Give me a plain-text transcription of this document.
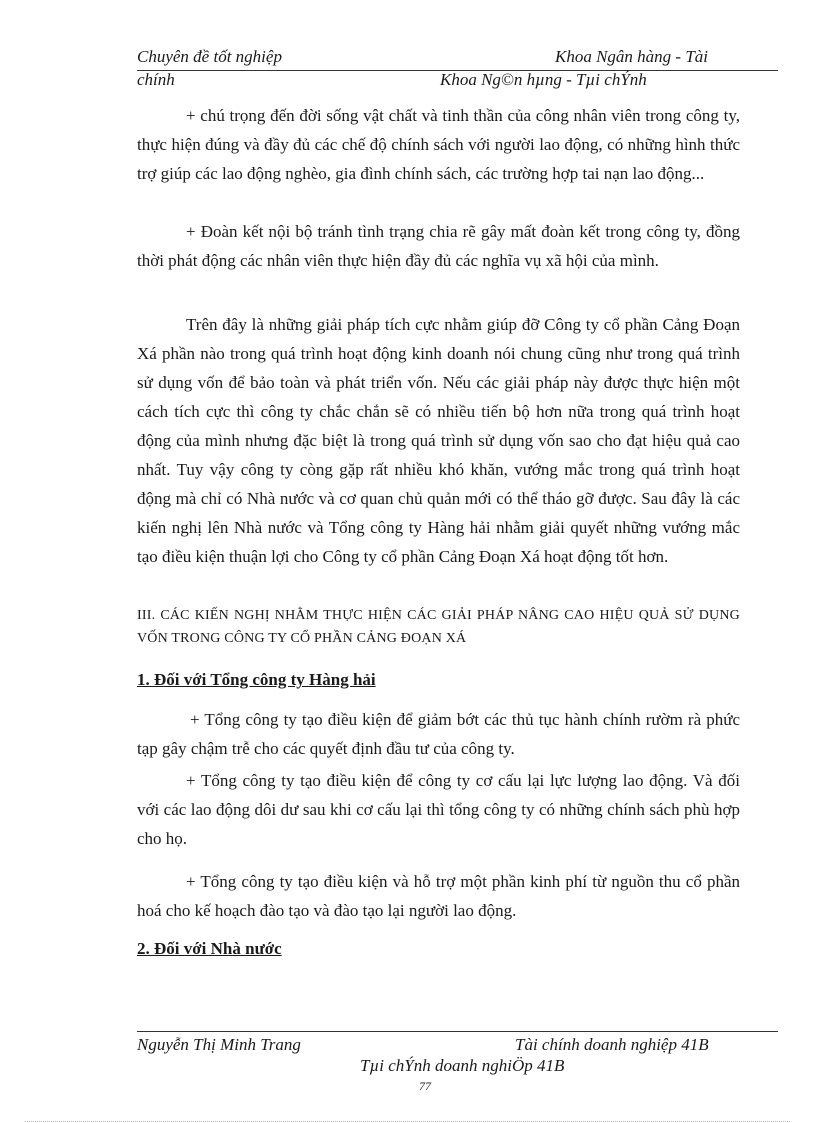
Chuyên đề tốt nghiệp	Khoa Ngân hàng - Tài
chính	Khoa Ng©n hµng - Tµi chÝnh
+ chú trọng đến đời sống vật chất và tinh thần của công nhân viên trong công ty, thực hiện đúng và đầy đủ các chế độ chính sách với người lao động, có những hình thức trợ giúp các lao động nghèo, gia đình chính sách, các trường hợp tai nạn lao động...
+ Đoàn kết nội bộ tránh tình trạng chia rẽ gây mất đoàn kết trong công ty, đồng thời phát động các nhân viên thực hiện đầy đủ các nghĩa vụ xã hội của mình.
Trên đây là những giải pháp tích cực nhằm giúp đỡ Công ty cổ phần Cảng Đoạn Xá phần nào trong quá trình hoạt động kinh doanh nói chung cũng như trong quá trình sử dụng vốn để bảo toàn và phát triển vốn. Nếu các giải pháp này được thực hiện một cách tích cực thì công ty chắc chắn sẽ có nhiều tiến bộ hơn nữa trong quá trình hoạt động của mình nhưng đặc biệt là trong quá trình sử dụng vốn sao cho đạt hiệu quả cao nhất. Tuy vậy công ty còng gặp rất nhiều khó khăn, vướng mắc trong quá trình hoạt động mà chỉ có Nhà nước và cơ quan chủ quản mới có thể tháo gỡ được. Sau đây là các kiến nghị lên Nhà nước và Tổng công ty Hàng hải nhằm giải quyết những vướng mắc tạo điều kiện thuận lợi cho Công ty cổ phần Cảng Đoạn Xá hoạt động tốt hơn.
III. CÁC KIẾN NGHỊ NHẰM THỰC HIỆN CÁC GIẢI PHÁP NÂNG CAO HIỆU QUẢ SỬ DỤNG VỐN TRONG CÔNG TY CỔ PHẦN CẢNG ĐOẠN XÁ
1. Đối với Tổng công ty Hàng hải
+ Tổng công ty tạo điều kiện để giảm bớt các thủ tục hành chính rườm rà phức tạp gây chậm trễ cho các quyết định đầu tư của công ty.
+ Tổng công ty tạo điều kiện để công ty cơ cấu lại lực lượng lao động. Và đối với các lao động dôi dư sau khi cơ cấu lại thì tổng công ty có những chính sách phù hợp cho họ.
+ Tổng công ty tạo điều kiện và hỗ trợ một phần kinh phí từ nguồn thu cổ phần hoá cho kế hoạch đào tạo và đào tạo lại người lao động.
2. Đối với Nhà nước
Nguyễn Thị Minh Trang	Tài chính doanh nghiệp 41B
Tµi chÝnh doanh nghiÖp 41B
77
